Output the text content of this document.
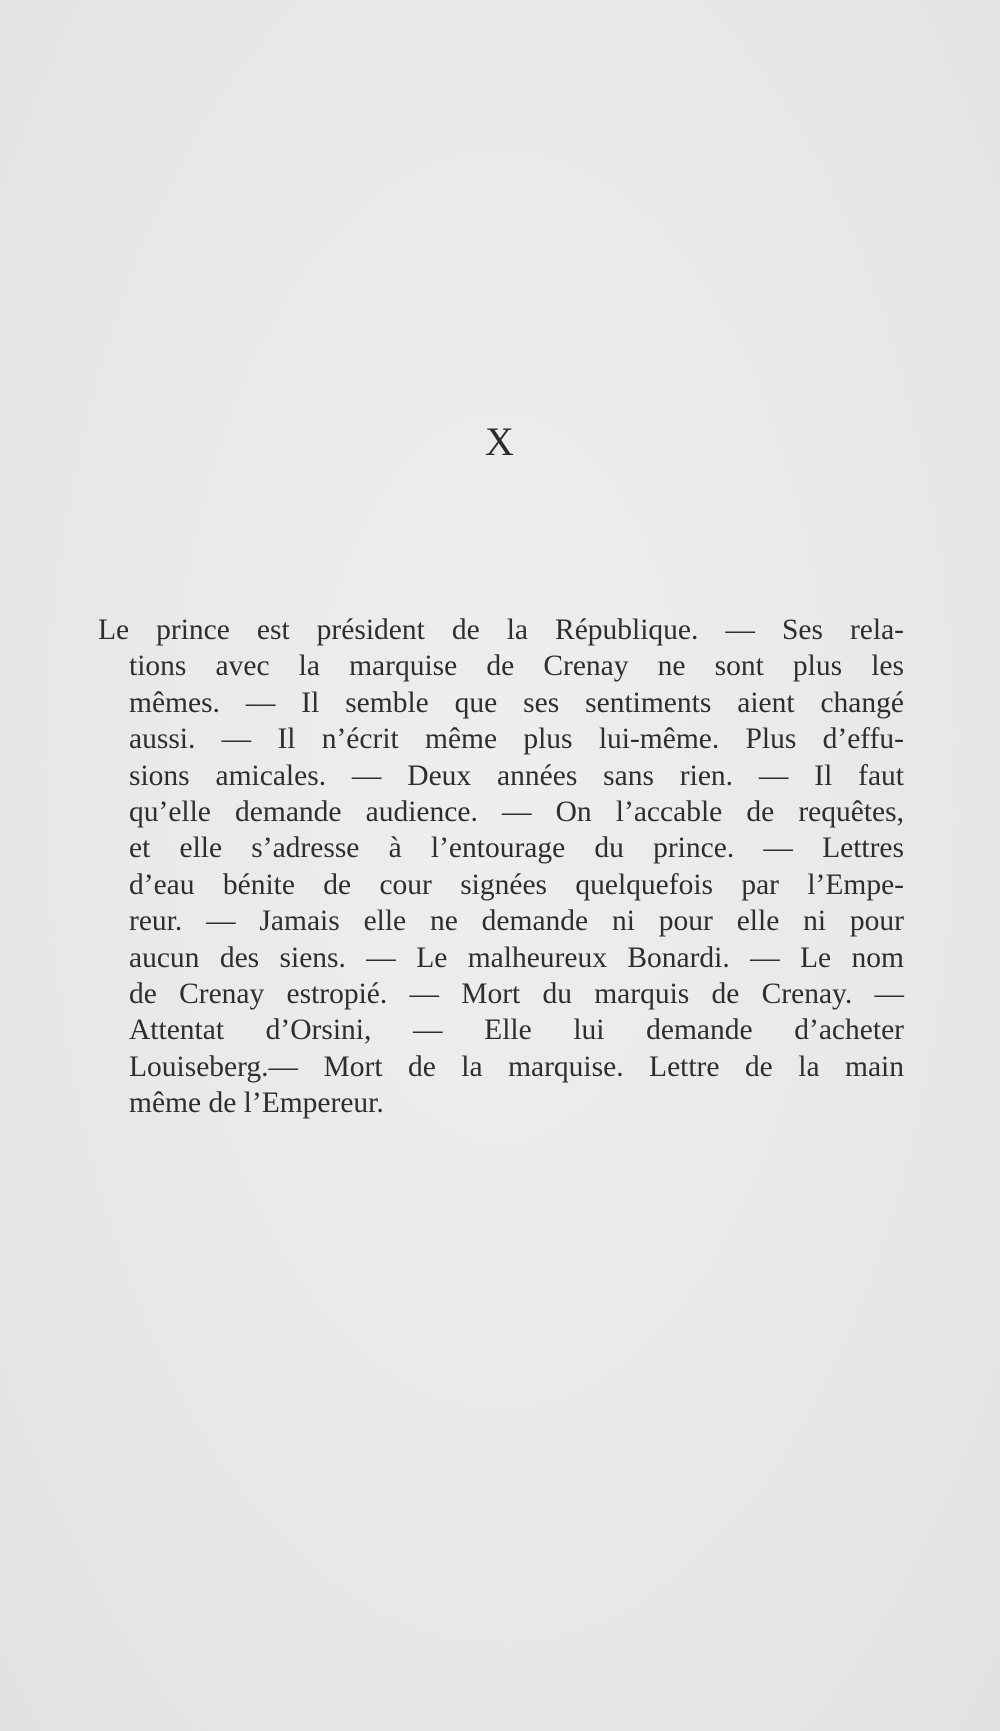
X
Le prince est président de la République. — Ses rela-
tions avec la marquise de Crenay ne sont plus les
mêmes. — Il semble que ses sentiments aient changé
aussi. — Il n’écrit même plus lui-même. Plus d’effu-
sions amicales. — Deux années sans rien. — Il faut
qu’elle demande audience. — On l’accable de requêtes,
et elle s’adresse à l’entourage du prince. — Lettres
d’eau bénite de cour signées quelquefois par l’Empe-
reur. — Jamais elle ne demande ni pour elle ni pour
aucun des siens. — Le malheureux Bonardi. — Le nom
de Crenay estropié. — Mort du marquis de Crenay. —
Attentat d’Orsini, — Elle lui demande d’acheter
Louiseberg.— Mort de la marquise. Lettre de la main
même de l’Empereur.
